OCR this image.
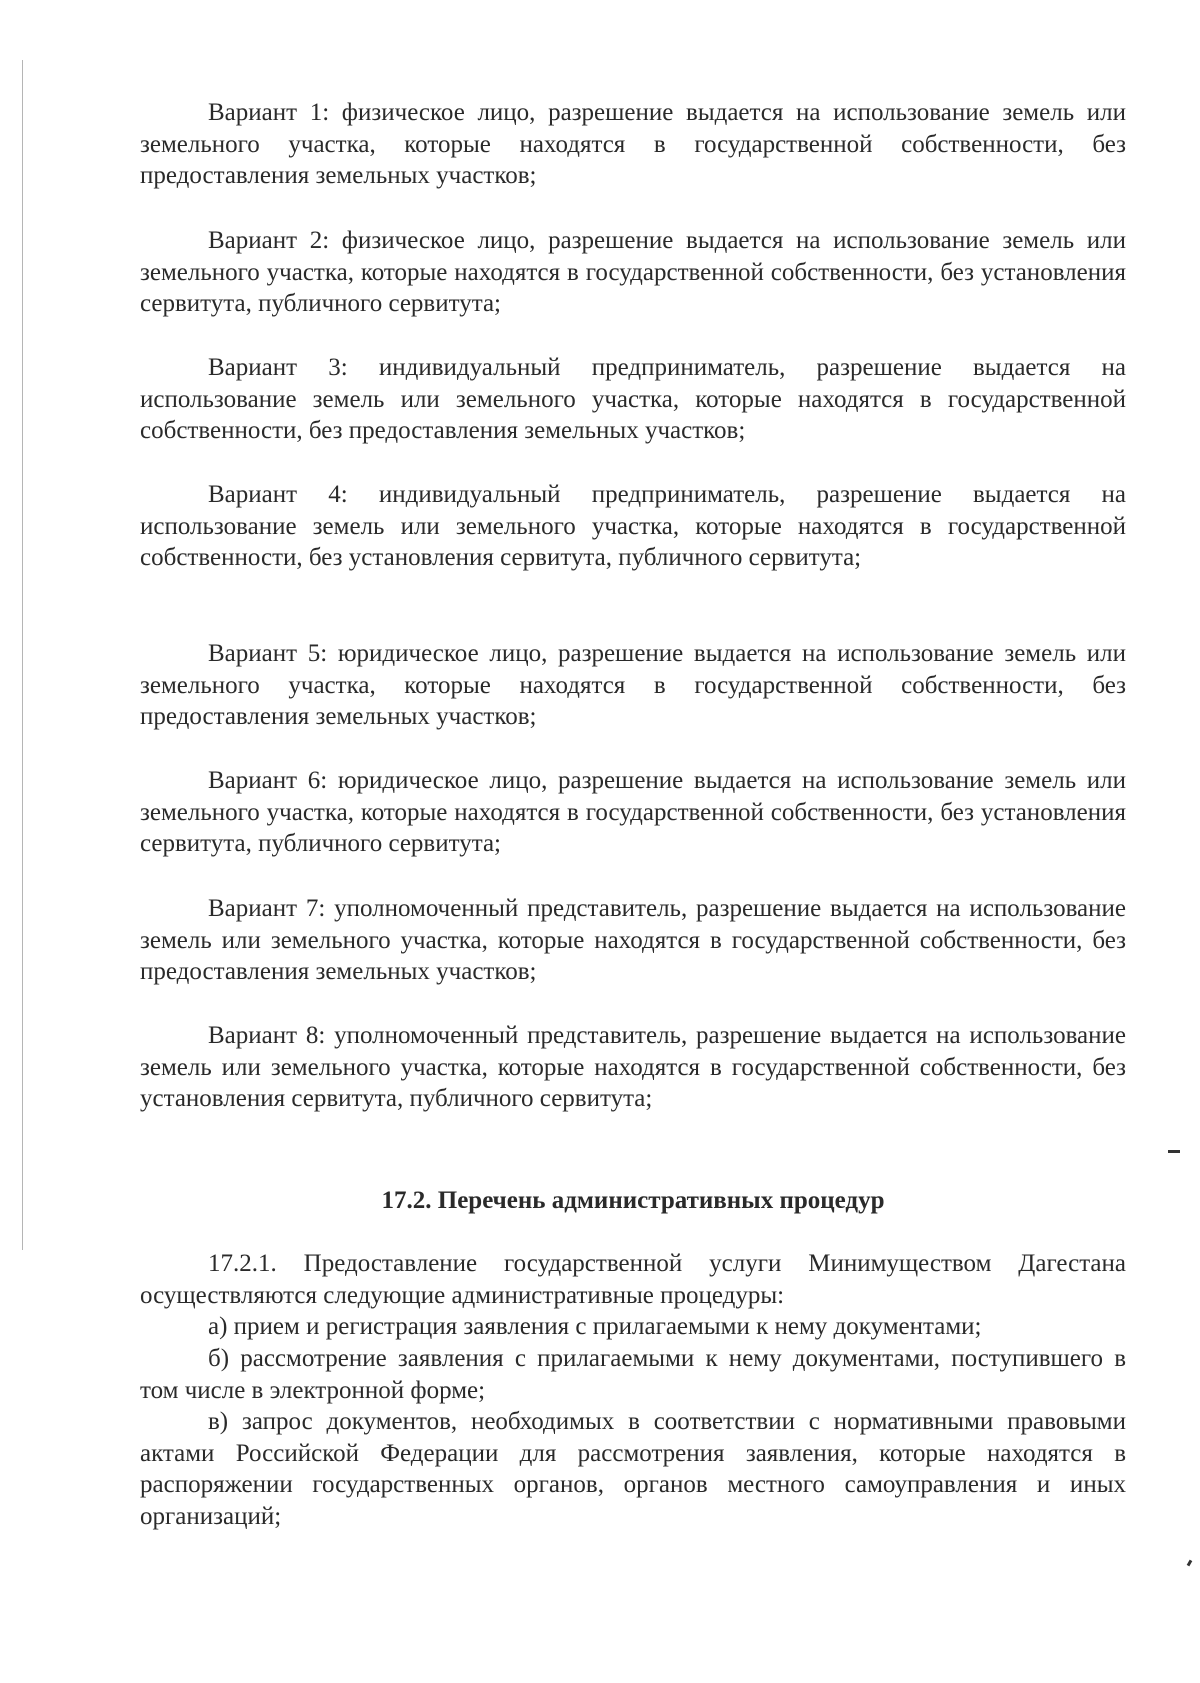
Вариант 1: физическое лицо, разрешение выдается на использование земель или земельного участка, которые находятся в государственной собственности, без предоставления земельных участков;

Вариант 2: физическое лицо, разрешение выдается на использование земель или земельного участка, которые находятся в государственной собственности, без установления сервитута, публичного сервитута;

Вариант 3: индивидуальный предприниматель, разрешение выдается на использование земель или земельного участка, которые находятся в государственной собственности, без предоставления земельных участков;

Вариант 4: индивидуальный предприниматель, разрешение выдается на использование земель или земельного участка, которые находятся в государственной собственности, без установления сервитута, публичного сервитута;

Вариант 5: юридическое лицо, разрешение выдается на использование земель или земельного участка, которые находятся в государственной собственности, без предоставления земельных участков;

Вариант 6: юридическое лицо, разрешение выдается на использование земель или земельного участка, которые находятся в государственной собственности, без установления сервитута, публичного сервитута;

Вариант 7: уполномоченный представитель, разрешение выдается на использование земель или земельного участка, которые находятся в государственной собственности, без предоставления земельных участков;

Вариант 8: уполномоченный представитель, разрешение выдается на использование земель или земельного участка, которые находятся в государственной собственности, без установления сервитута, публичного сервитута;

17.2. Перечень административных процедур

17.2.1. Предоставление государственной услуги Минимуществом Дагестана осуществляются следующие административные процедуры:

а) прием и регистрация заявления с прилагаемыми к нему документами;

б) рассмотрение заявления с прилагаемыми к нему документами, поступившего в том числе в электронной форме;

в) запрос документов, необходимых в соответствии с нормативными правовыми актами Российской Федерации для рассмотрения заявления, которые находятся в распоряжении государственных органов, органов местного самоуправления и иных организаций;
